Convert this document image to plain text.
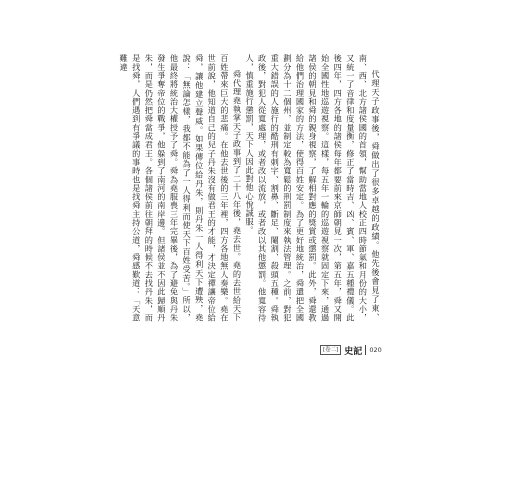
代理天子政事後，舜做出了很多卓越的政績。他先後會見了東、南、西、北方諸侯國的首領，幫助當地人校正四時節氣和月份的大小，又統一了音律和度量衡，修正了當時吉、凶、賓、軍、嘉五種禮儀。此後四年，四方各地的諸侯每年都要前來京師朝見一次，第五年，舜又開始全國性地巡遊視察。這樣，每五年一輪的巡遊視察就固定下來，通過諸侯的朝見和舜的親身視察，了解相對應的獎賞或懲罰。此外，舜還教給他們治理國家的方法，使得百姓安定。為了更好地統治，舜還把全國劃分為十二個州，並制定較為寬鬆的刑罰制度來執法管理。之前，對犯重大錯誤的人施行的酷刑有刺字、割鼻、斷足、閹割、殺頭五種。舜執政後，對犯人從寬處理，或者改以流放，或者改以其他懲罰。他寬容待人，慎重施行懲罰，天下人因此對他心悅誠服。

舜代理堯執掌天子政事到了二十八年後，堯去世。堯的去世給天下百姓帶來巨大的悲痛。在他去世後的三年裡，四方各地無人奏樂。堯在世前說，他知道自己的兒子丹朱沒有做君王的才能，才決定禪讓帝位給舜，讓他建立聲威。如果傳位給丹朱，則丹朱一人得利天下遭殃，堯說：「無論怎樣，我都不能為了一人得利而使天下百姓受苦。」所以，他最終將統治大權授予了舜。舜為堯服喪三年完畢後，為了避免與丹朱發生爭奪帝位的戰爭，他躲到了南河的南岸邊。但諸侯並不因此歸順丹朱，而是仍然把舜當成君王。各個諸侯前往朝拜的時候不去找丹朱，而是找舜，人們遇到有爭議的事時也是找舜主持公道，舜感歎道：「天意難違

[卷二] 史記 020
